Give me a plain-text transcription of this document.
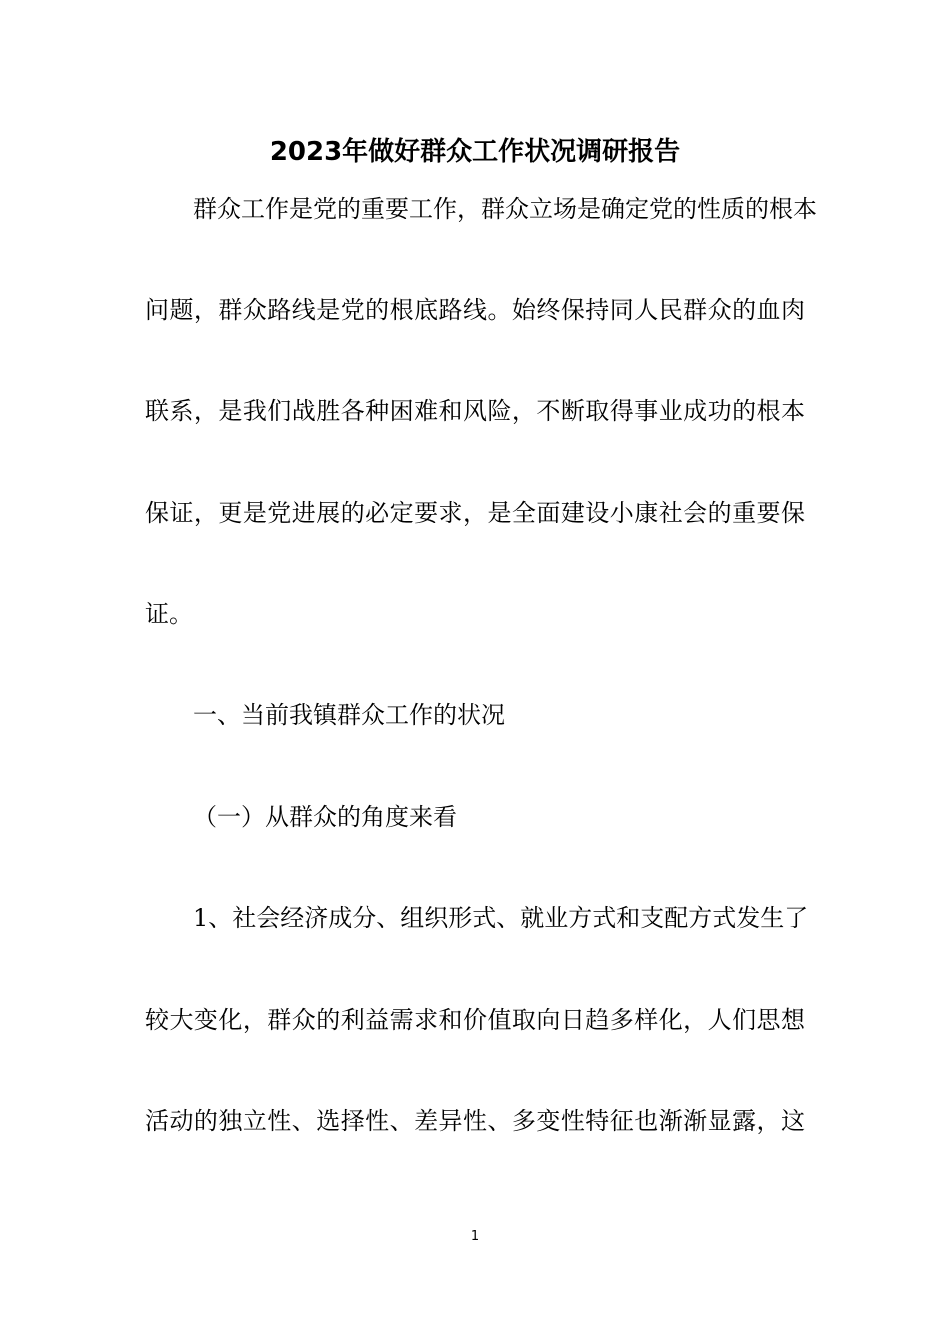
2023年做好群众工作状况调研报告
群众工作是党的重要工作，群众立场是确定党的性质的根本
问题，群众路线是党的根底路线。始终保持同人民群众的血肉
联系，是我们战胜各种困难和风险，不断取得事业成功的根本
保证，更是党进展的必定要求，是全面建设小康社会的重要保
证。
一、当前我镇群众工作的状况
（一）从群众的角度来看
1、社会经济成分、组织形式、就业方式和支配方式发生了
较大变化，群众的利益需求和价值取向日趋多样化，人们思想
活动的独立性、选择性、差异性、多变性特征也渐渐显露，这
1
